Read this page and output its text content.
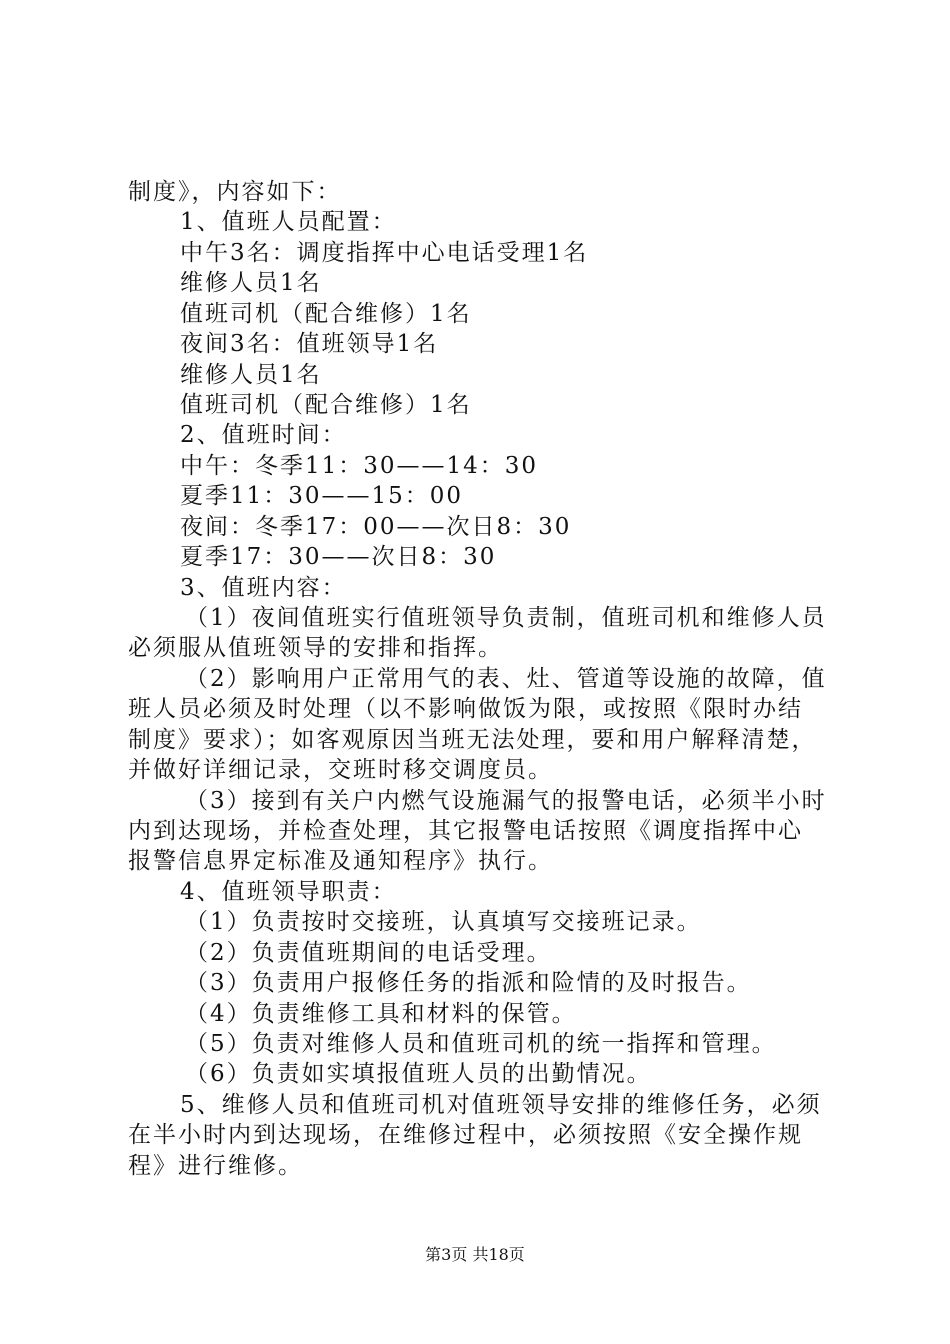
制度》，内容如下：
1、值班人员配置：
中午3名：调度指挥中心电话受理1名
维修人员1名
值班司机（配合维修）1名
夜间3名：值班领导1名
维修人员1名
值班司机（配合维修）1名
2、值班时间：
中午：冬季11：30——14：30
夏季11：30——15：00
夜间：冬季17：00——次日8：30
夏季17：30——次日8：30
3、值班内容：
（1）夜间值班实行值班领导负责制，值班司机和维修人员
必须服从值班领导的安排和指挥。
（2）影响用户正常用气的表、灶、管道等设施的故障，值
班人员必须及时处理（以不影响做饭为限，或按照《限时办结
制度》要求）；如客观原因当班无法处理，要和用户解释清楚，
并做好详细记录，交班时移交调度员。
（3）接到有关户内燃气设施漏气的报警电话，必须半小时
内到达现场，并检查处理，其它报警电话按照《调度指挥中心
报警信息界定标准及通知程序》执行。
4、值班领导职责：
（1）负责按时交接班，认真填写交接班记录。
（2）负责值班期间的电话受理。
（3）负责用户报修任务的指派和险情的及时报告。
（4）负责维修工具和材料的保管。
（5）负责对维修人员和值班司机的统一指挥和管理。
（6）负责如实填报值班人员的出勤情况。
5、维修人员和值班司机对值班领导安排的维修任务，必须
在半小时内到达现场，在维修过程中，必须按照《安全操作规
程》进行维修。
第3页 共18页
